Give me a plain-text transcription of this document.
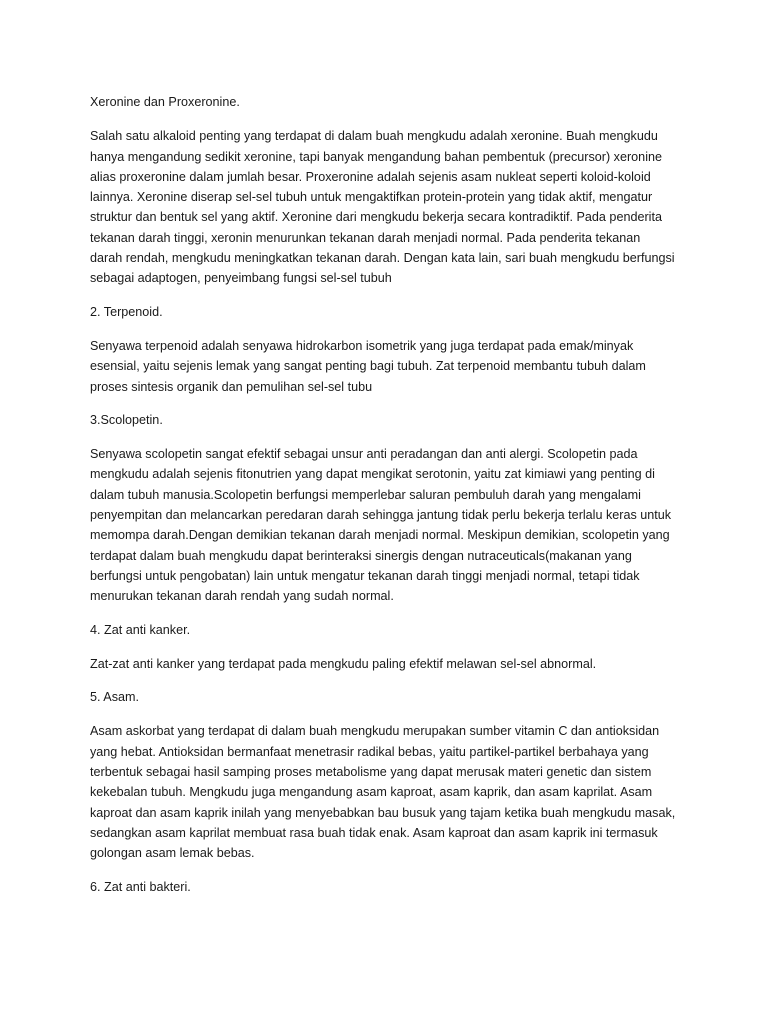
Xeronine dan Proxeronine.
Salah satu alkaloid penting yang terdapat di dalam buah mengkudu adalah xeronine. Buah mengkudu
hanya mengandung sedikit xeronine, tapi banyak mengandung bahan pembentuk (precursor) xeronine
alias proxeronine dalam jumlah besar. Proxeronine adalah sejenis asam nukleat seperti koloid-koloid
lainnya. Xeronine diserap sel-sel tubuh untuk mengaktifkan protein-protein yang tidak aktif, mengatur
struktur dan bentuk sel yang aktif. Xeronine dari mengkudu bekerja secara kontradiktif. Pada penderita
tekanan darah tinggi, xeronin menurunkan tekanan darah menjadi normal. Pada penderita tekanan
darah rendah, mengkudu meningkatkan tekanan darah. Dengan kata lain, sari buah mengkudu berfungsi
sebagai adaptogen, penyeimbang fungsi sel-sel tubuh
2. Terpenoid.
Senyawa terpenoid adalah senyawa hidrokarbon isometrik yang juga terdapat pada emak/minyak
esensial, yaitu sejenis lemak yang sangat penting bagi tubuh. Zat terpenoid membantu tubuh dalam
proses sintesis organik dan pemulihan sel-sel tubu
3.Scolopetin.
Senyawa scolopetin sangat efektif sebagai unsur anti peradangan dan anti alergi. Scolopetin pada
mengkudu adalah sejenis fitonutrien yang dapat mengikat serotonin, yaitu zat kimiawi yang penting di
dalam tubuh manusia.Scolopetin berfungsi memperlebar saluran pembuluh darah yang mengalami
penyempitan dan melancarkan peredaran darah sehingga jantung tidak perlu bekerja terlalu keras untuk
memompa darah.Dengan demikian tekanan darah menjadi normal. Meskipun demikian, scolopetin yang
terdapat dalam buah mengkudu dapat berinteraksi sinergis dengan nutraceuticals(makanan yang
berfungsi untuk pengobatan) lain untuk mengatur tekanan darah tinggi menjadi normal, tetapi tidak
menurukan tekanan darah rendah yang sudah normal.
4. Zat anti kanker.
Zat-zat anti kanker yang terdapat pada mengkudu paling efektif melawan sel-sel abnormal.
5. Asam.
Asam askorbat yang terdapat di dalam buah mengkudu merupakan sumber vitamin C dan antioksidan
yang hebat. Antioksidan bermanfaat menetrasir radikal bebas, yaitu partikel-partikel berbahaya yang
terbentuk sebagai hasil samping proses metabolisme yang dapat merusak materi genetic dan sistem
kekebalan tubuh. Mengkudu juga mengandung asam kaproat, asam kaprik, dan asam kaprilat. Asam
kaproat dan asam kaprik inilah yang menyebabkan bau busuk yang tajam ketika buah mengkudu masak,
sedangkan asam kaprilat membuat rasa buah tidak enak. Asam kaproat dan asam kaprik ini termasuk
golongan asam lemak bebas.
6. Zat anti bakteri.
